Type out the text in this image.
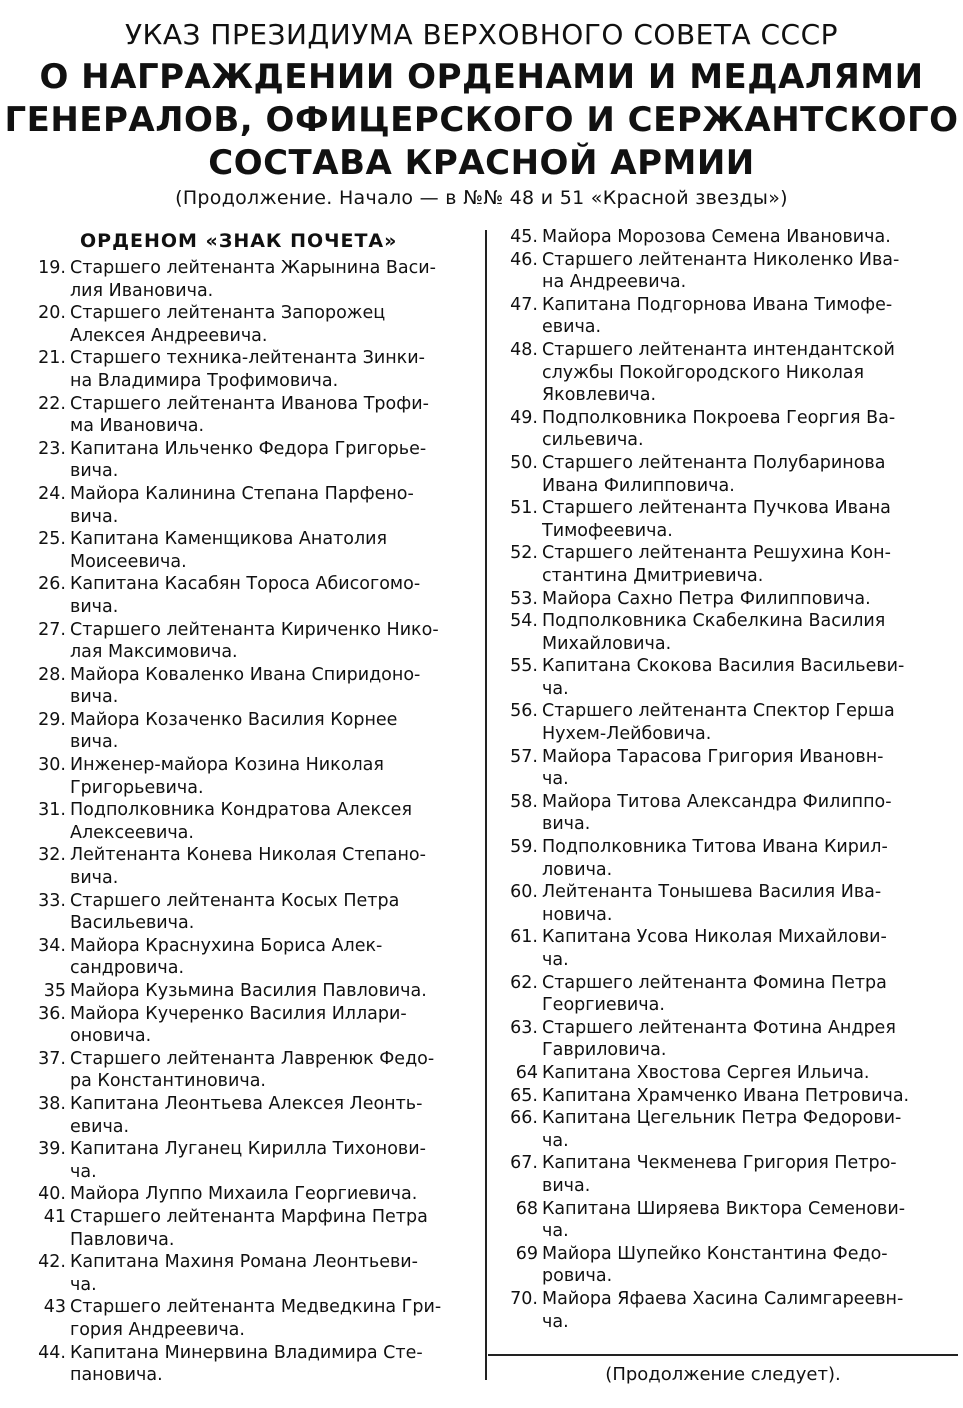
УКАЗ ПРЕЗИДИУМА ВЕРХОВНОГО СОВЕТА СССР
О НАГРАЖДЕНИИ ОРДЕНАМИ И МЕДАЛЯМИ
ГЕНЕРАЛОВ, ОФИЦЕРСКОГО И СЕРЖАНТСКОГО
СОСТАВА КРАСНОЙ АРМИИ
(Продолжение. Начало — в №№ 48 и 51 «Красной звезды»)
ОРДЕНОМ «ЗНАК ПОЧЕТА»
19. Старшего лейтенанта Жарынина Васи-
лия Ивановича.
20. Старшего лейтенанта Запорожец
Алексея Андреевича.
21. Старшего техника-лейтенанта Зинки-
на Владимира Трофимовича.
22. Старшего лейтенанта Иванова Трофи-
ма Ивановича.
23. Капитана Ильченко Федора Григорье-
вича.
24. Майора Калинина Степана Парфено-
вича.
25. Капитана Каменщикова Анатолия
Моисеевича.
26. Капитана Касабян Тороса Абисогомо-
вича.
27. Старшего лейтенанта Кириченко Нико-
лая Максимовича.
28. Майора Коваленко Ивана Спиридоно-
вича.
29. Майора Козаченко Василия Корнее
вича.
30. Инженер-майора Козина Николая
Григорьевича.
31. Подполковника Кондратова Алексея
Алексеевича.
32. Лейтенанта Конева Николая Степано-
вича.
33. Старшего лейтенанта Косых Петра
Васильевича.
34. Майора Краснухина Бориса Алек-
сандровича.
35 Майора Кузьмина Василия Павловича.
36. Майора Кучеренко Василия Иллари-
оновича.
37. Старшего лейтенанта Лавренюк Федо-
ра Константиновича.
38. Капитана Леонтьева Алексея Леонть-
евича.
39. Капитана Луганец Кирилла Тихонови-
ча.
40. Майора Луппо Михаила Георгиевича.
41 Старшего лейтенанта Марфина Петра
Павловича.
42. Капитана Махиня Романа Леонтьеви-
ча.
43 Старшего лейтенанта Медведкина Гри-
гория Андреевича.
44. Капитана Минервина Владимира Сте-
пановича.
45. Майора Морозова Семена Ивановича.
46. Старшего лейтенанта Николенко Ива-
на Андреевича.
47. Капитана Подгорнова Ивана Тимофе-
евича.
48. Старшего лейтенанта интендантской
службы Покойгородского Николая
Яковлевича.
49. Подполковника Покроева Георгия Ва-
сильевича.
50. Старшего лейтенанта Полубаринова
Ивана Филипповича.
51. Старшего лейтенанта Пучкова Ивана
Тимофеевича.
52. Старшего лейтенанта Решухина Кон-
стантина Дмитриевича.
53. Майора Сахно Петра Филипповича.
54. Подполковника Скабелкина Василия
Михайловича.
55. Капитана Скокова Василия Васильеви-
ча.
56. Старшего лейтенанта Спектор Герша
Нухем-Лейбовича.
57. Майора Тарасова Григория Ивановн-
ча.
58. Майора Титова Александра Филиппо-
вича.
59. Подполковника Титова Ивана Кирил-
ловича.
60. Лейтенанта Тонышева Василия Ива-
новича.
61. Капитана Усова Николая Михайлови-
ча.
62. Старшего лейтенанта Фомина Петра
Георгиевича.
63. Старшего лейтенанта Фотина Андрея
Гавриловича.
64 Капитана Хвостова Сергея Ильича.
65. Капитана Храмченко Ивана Петровича.
66. Капитана Цегельник Петра Федорови-
ча.
67. Капитана Чекменева Григория Петро-
вича.
68 Капитана Ширяева Виктора Семенови-
ча.
69 Майора Шупейко Константина Федо-
ровича.
70. Майора Яфаева Хасина Салимгареевн-
ча.
(Продолжение следует).
